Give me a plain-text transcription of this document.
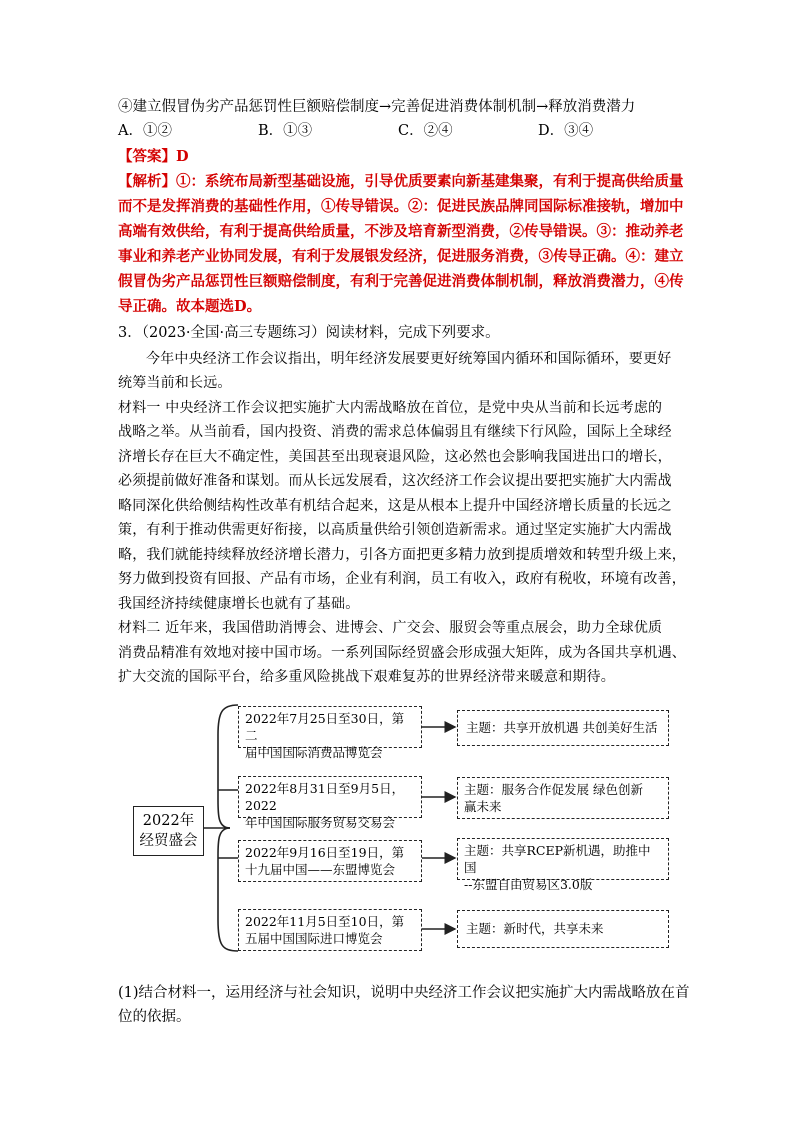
④建立假冒伪劣产品惩罚性巨额赔偿制度→完善促进消费体制机制→释放消费潜力
A．①②	B．①③	C．②④	D．③④
【答案】D
【解析】①：系统布局新型基础设施，引导优质要素向新基建集聚，有利于提高供给质量
而不是发挥消费的基础性作用，①传导错误。②：促进民族品牌同国际标准接轨，增加中
高端有效供给，有利于提高供给质量，不涉及培育新型消费，②传导错误。③：推动养老
事业和养老产业协同发展，有利于发展银发经济，促进服务消费，③传导正确。④：建立
假冒伪劣产品惩罚性巨额赔偿制度，有利于完善促进消费体制机制，释放消费潜力，④传
导正确。故本题选D。
3．（2023·全国·高三专题练习）阅读材料，完成下列要求。
今年中央经济工作会议指出，明年经济发展要更好统筹国内循环和国际循环，要更好
统筹当前和长远。
材料一 中央经济工作会议把实施扩大内需战略放在首位，是党中央从当前和长远考虑的
战略之举。从当前看，国内投资、消费的需求总体偏弱且有继续下行风险，国际上全球经
济增长存在巨大不确定性，美国甚至出现衰退风险，这必然也会影响我国进出口的增长，
必须提前做好准备和谋划。而从长远发展看，这次经济工作会议提出要把实施扩大内需战
略同深化供给侧结构性改革有机结合起来，这是从根本上提升中国经济增长质量的长远之
策，有利于推动供需更好衔接，以高质量供给引领创造新需求。通过坚定实施扩大内需战
略，我们就能持续释放经济增长潜力，引各方面把更多精力放到提质增效和转型升级上来，
努力做到投资有回报、产品有市场，企业有利润，员工有收入，政府有税收，环境有改善，
我国经济持续健康增长也就有了基础。
材料二 近年来，我国借助消博会、进博会、广交会、服贸会等重点展会，助力全球优质
消费品精准有效地对接中国市场。一系列国际经贸盛会形成强大矩阵，成为各国共享机遇、
扩大交流的国际平台，给多重风险挑战下艰难复苏的世界经济带来暖意和期待。
2022年
经贸盛会
2022年7月25日至30日，第二
届中国国际消费品博览会
2022年8月31日至9月5日，2022
年中国国际服务贸易交易会
2022年9月16日至19日，第
十九届中国——东盟博览会
2022年11月5日至10日，第
五届中国国际进口博览会
主题：共享开放机遇 共创美好生活
主题：服务合作促发展 绿色创新
赢未来
主题：共享RCEP新机遇，助推中国
--东盟自由贸易区3.0版
主题：新时代，共享未来
(1)结合材料一，运用经济与社会知识，说明中央经济工作会议把实施扩大内需战略放在首
位的依据。
